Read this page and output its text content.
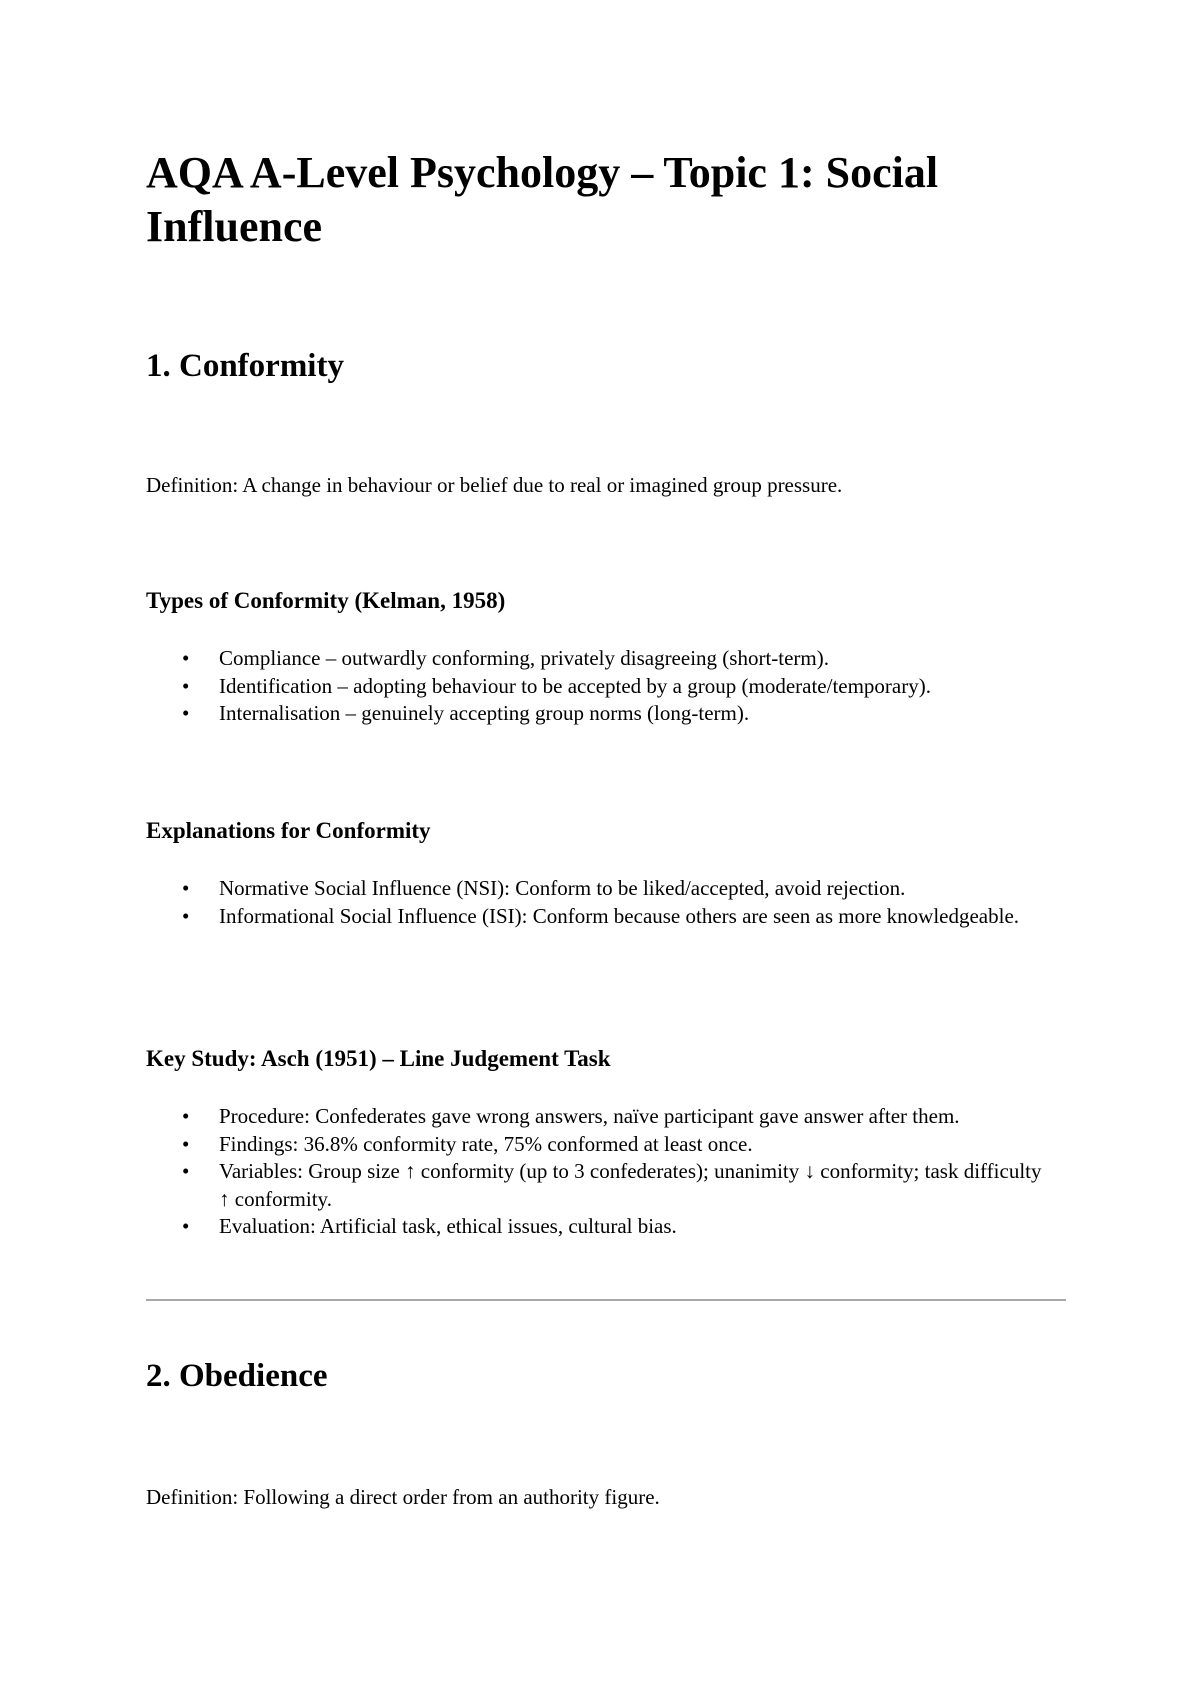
AQA A-Level Psychology – Topic 1: Social Influence
1. Conformity

Definition: A change in behaviour or belief due to real or imagined group pressure.

Types of Conformity (Kelman, 1958)
• Compliance – outwardly conforming, privately disagreeing (short-term).
• Identification – adopting behaviour to be accepted by a group (moderate/temporary).
• Internalisation – genuinely accepting group norms (long-term).
Explanations for Conformity
• Normative Social Influence (NSI): Conform to be liked/accepted, avoid rejection.
• Informational Social Influence (ISI): Conform because others are seen as more knowledgeable.
Key Study: Asch (1951) – Line Judgement Task
• Procedure: Confederates gave wrong answers, naïve participant gave answer after them.
• Findings: 36.8% conformity rate, 75% conformed at least once.
• Variables: Group size ↑ conformity (up to 3 confederates); unanimity ↓ conformity; task difficulty ↑ conformity.
• Evaluation: Artificial task, ethical issues, cultural bias.
2. Obedience

Definition: Following a direct order from an authority figure.
